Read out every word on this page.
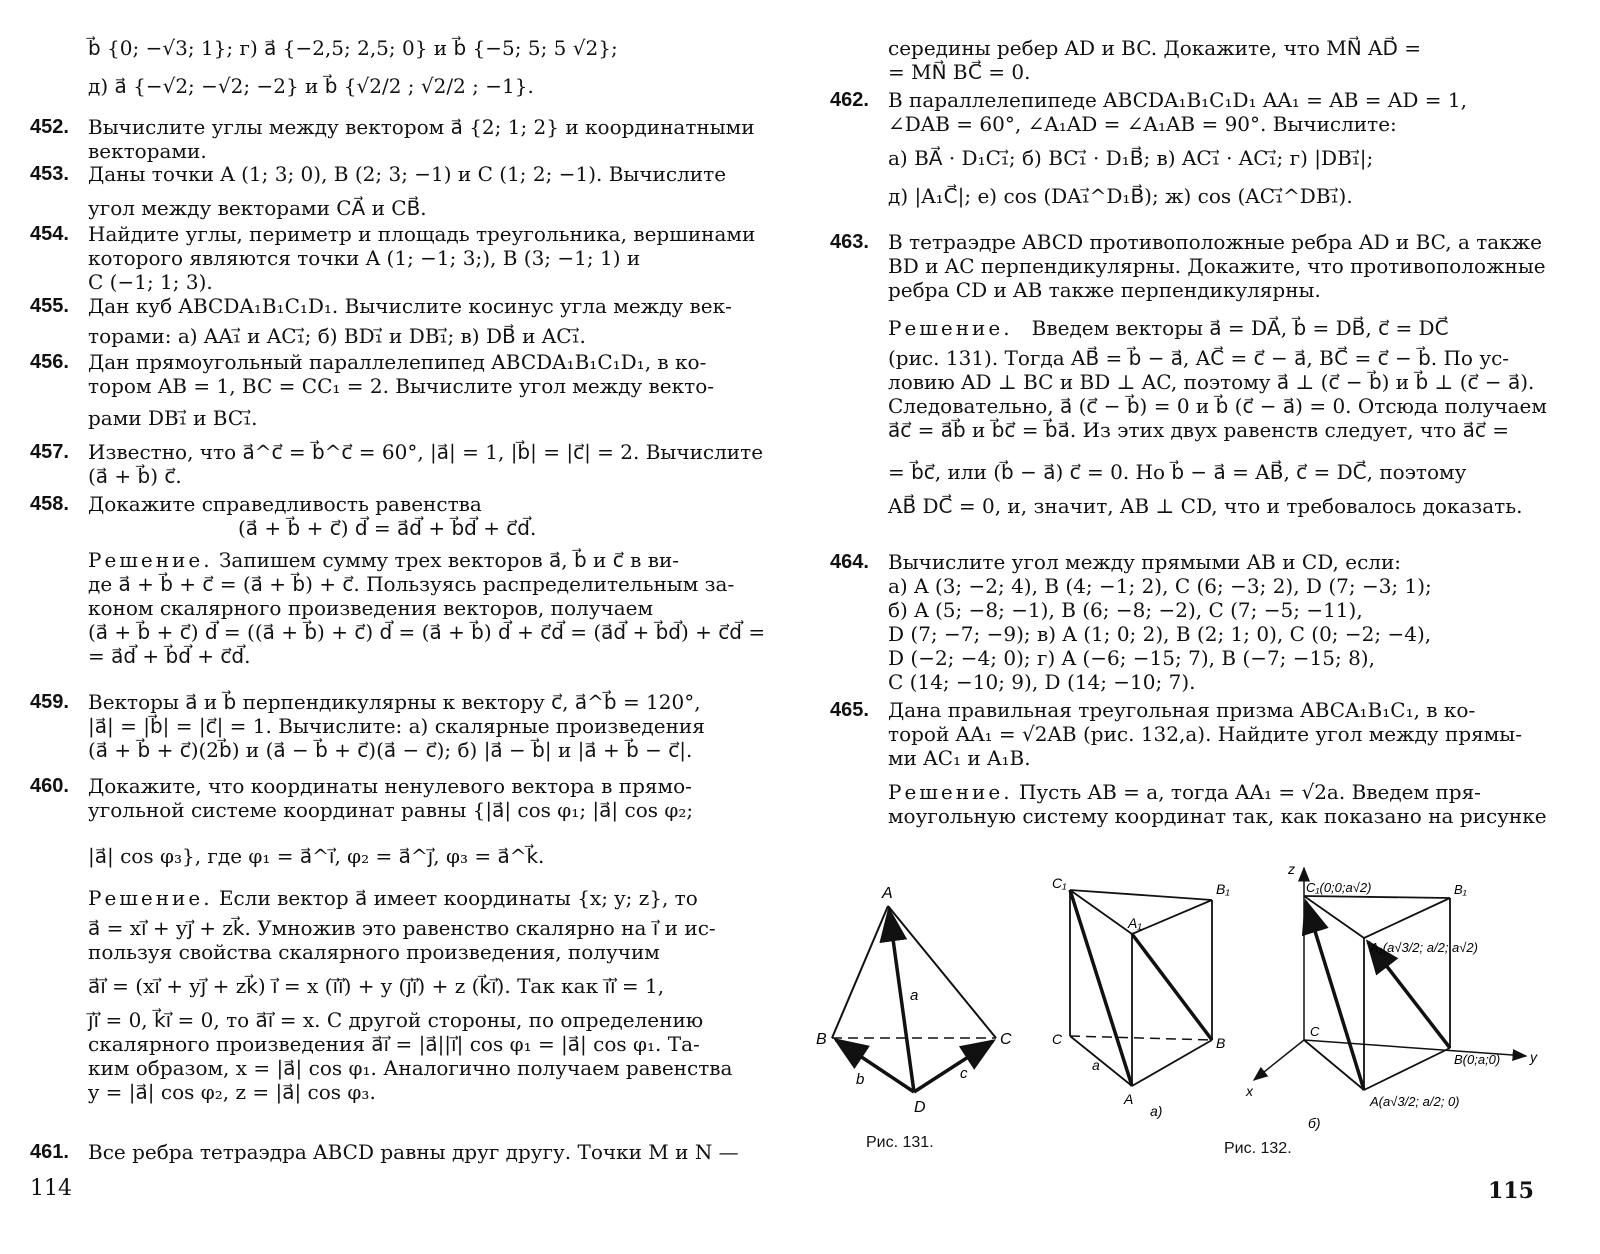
b⃗ {0; −√3; 1}; г) a⃗ {−2,5; 2,5; 0} и b⃗ {−5; 5; 5 √2};
д) a⃗ {−√2; −√2; −2} и b⃗ {√2/2 ; √2/2 ; −1}.
452. Вычислите углы между вектором a⃗ {2; 1; 2} и координатными
векторами.
453. Даны точки A (1; 3; 0), B (2; 3; −1) и C (1; 2; −1). Вычислите
угол между векторами CA⃗ и CB⃗.
454. Найдите углы, периметр и площадь треугольника, вершинами
которого являются точки A (1; −1; 3;), B (3; −1; 1) и
C (−1; 1; 3).
455. Дан куб ABCDA₁B₁C₁D₁. Вычислите косинус угла между век-
торами: а) AA₁⃗ и AC₁⃗; б) BD₁⃗ и DB₁⃗; в) DB⃗ и AC₁⃗.
456. Дан прямоугольный параллелепипед ABCDA₁B₁C₁D₁, в ко-
тором AB = 1, BC = CC₁ = 2. Вычислите угол между векто-
рами DB₁⃗ и BC₁⃗.
457. Известно, что a⃗^c⃗ = b⃗^c⃗ = 60°, |a⃗| = 1, |b⃗| = |c⃗| = 2. Вычислите
(a⃗ + b⃗) c⃗.
458. Докажите справедливость равенства
(a⃗ + b⃗ + c⃗) d⃗ = a⃗d⃗ + b⃗d⃗ + c⃗d⃗.
Решение. Запишем сумму трех векторов a⃗, b⃗ и c⃗ в ви-
де a⃗ + b⃗ + c⃗ = (a⃗ + b⃗) + c⃗. Пользуясь распределительным за-
коном скалярного произведения векторов, получаем
(a⃗ + b⃗ + c⃗) d⃗ = ((a⃗ + b⃗) + c⃗) d⃗ = (a⃗ + b⃗) d⃗ + c⃗d⃗ = (a⃗d⃗ + b⃗d⃗) + c⃗d⃗ =
= a⃗d⃗ + b⃗d⃗ + c⃗d⃗.
459. Векторы a⃗ и b⃗ перпендикулярны к вектору c⃗, a⃗^b⃗ = 120°,
|a⃗| = |b⃗| = |c⃗| = 1. Вычислите: а) скалярные произведения
(a⃗ + b⃗ + c⃗)(2b⃗) и (a⃗ − b⃗ + c⃗)(a⃗ − c⃗); б) |a⃗ − b⃗| и |a⃗ + b⃗ − c⃗|.
460. Докажите, что координаты ненулевого вектора в прямо-
угольной системе координат равны {|a⃗| cos φ₁; |a⃗| cos φ₂;
|a⃗| cos φ₃}, где φ₁ = a⃗^i⃗, φ₂ = a⃗^j⃗, φ₃ = a⃗^k⃗.
Решение. Если вектор a⃗ имеет координаты {x; y; z}, то
a⃗ = xi⃗ + yj⃗ + zk⃗. Умножив это равенство скалярно на i⃗ и ис-
пользуя свойства скалярного произведения, получим
a⃗i⃗ = (xi⃗ + yj⃗ + zk⃗) i⃗ = x (i⃗i⃗) + y (j⃗i⃗) + z (k⃗i⃗). Так как i⃗i⃗ = 1,
j⃗i⃗ = 0, k⃗i⃗ = 0, то a⃗i⃗ = x. С другой стороны, по определению
скалярного произведения a⃗i⃗ = |a⃗||i⃗| cos φ₁ = |a⃗| cos φ₁. Та-
ким образом, x = |a⃗| cos φ₁. Аналогично получаем равенства
y = |a⃗| cos φ₂, z = |a⃗| cos φ₃.
461. Все ребра тетраэдра ABCD равны друг другу. Точки M и N —
114
середины ребер AD и BC. Докажите, что MN⃗ AD⃗ =
= MN⃗ BC⃗ = 0.
462. В параллелепипеде ABCDA₁B₁C₁D₁ AA₁ = AB = AD = 1,
∠DAB = 60°, ∠A₁AD = ∠A₁AB = 90°. Вычислите:
а) BA⃗ · D₁C₁⃗; б) BC₁⃗ · D₁B⃗; в) AC₁⃗ · AC₁⃗; г) |DB₁⃗|;
д) |A₁C⃗|; е) cos (DA₁⃗^D₁B⃗); ж) cos (AC₁⃗^DB₁⃗).
463. В тетраэдре ABCD противоположные ребра AD и BC, а также
BD и AC перпендикулярны. Докажите, что противоположные
ребра CD и AB также перпендикулярны.
Решение. Введем векторы a⃗ = DA⃗, b⃗ = DB⃗, c⃗ = DC⃗
(рис. 131). Тогда AB⃗ = b⃗ − a⃗, AC⃗ = c⃗ − a⃗, BC⃗ = c⃗ − b⃗. По ус-
ловию AD ⊥ BC и BD ⊥ AC, поэтому a⃗ ⊥ (c⃗ − b⃗) и b⃗ ⊥ (c⃗ − a⃗).
Следовательно, a⃗ (c⃗ − b⃗) = 0 и b⃗ (c⃗ − a⃗) = 0. Отсюда получаем
a⃗c⃗ = a⃗b⃗ и b⃗c⃗ = b⃗a⃗. Из этих двух равенств следует, что a⃗c⃗ =
= b⃗c⃗, или (b⃗ − a⃗) c⃗ = 0. Но b⃗ − a⃗ = AB⃗, c⃗ = DC⃗, поэтому
AB⃗ DC⃗ = 0, и, значит, AB ⊥ CD, что и требовалось доказать.
464. Вычислите угол между прямыми AB и CD, если:
а) A (3; −2; 4), B (4; −1; 2), C (6; −3; 2), D (7; −3; 1);
б) A (5; −8; −1), B (6; −8; −2), C (7; −5; −11),
D (7; −7; −9); в) A (1; 0; 2), B (2; 1; 0), C (0; −2; −4),
D (−2; −4; 0); г) A (−6; −15; 7), B (−7; −15; 8),
C (14; −10; 9), D (14; −10; 7).
465. Дана правильная треугольная призма ABCA₁B₁C₁, в ко-
торой AA₁ = √2AB (рис. 132,а). Найдите угол между прямы-
ми AC₁ и A₁B.
Решение. Пусть AB = a, тогда AA₁ = √2a. Введем пря-
моугольную систему координат так, как показано на рисунке
A
B	C
D
a
b	c
Рис. 131.
C₁	B₁
A₁
C	B
A
a
а)
z
y
x
C₁(0;0;a√2)	B₁
A₁(a√3/2; a/2; a√2)
C
B(0;a;0)
A(a√3/2; a/2; 0)
б)
Рис. 132.
115
